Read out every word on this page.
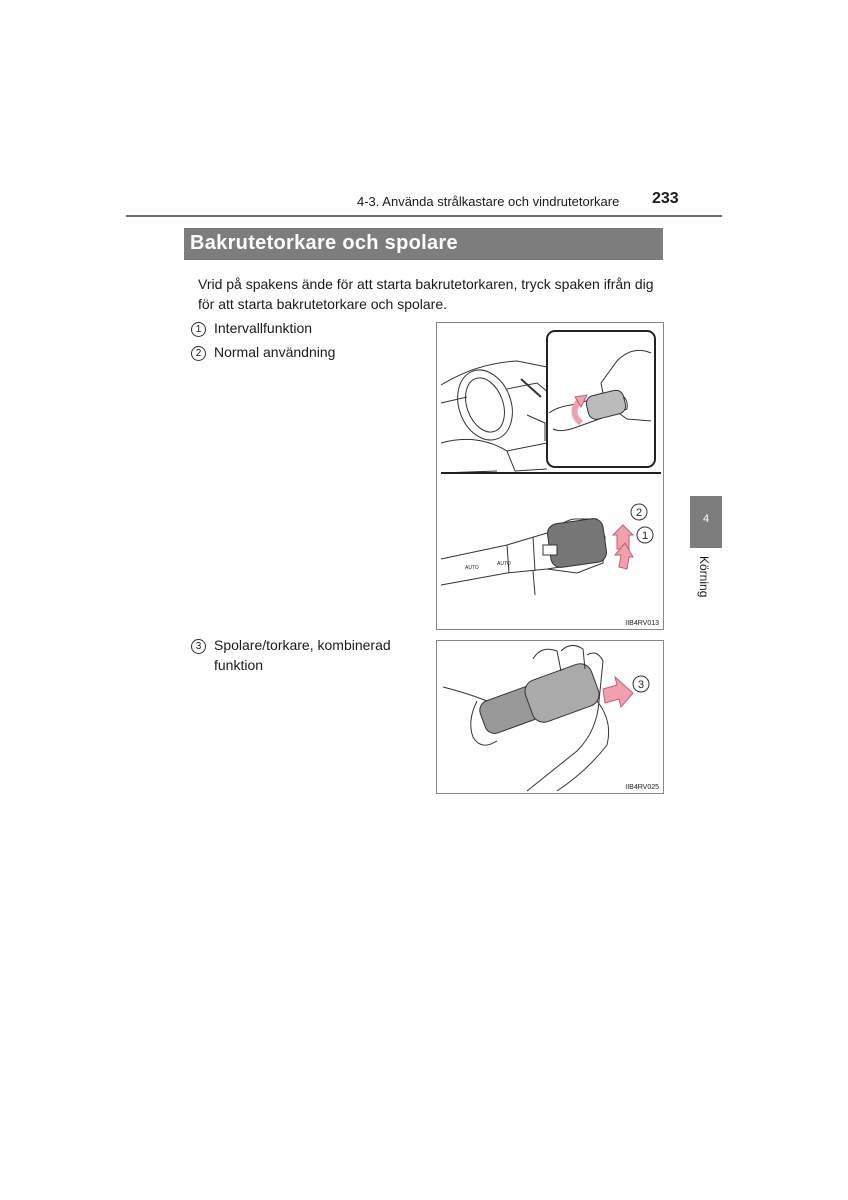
4-3. Använda strålkastare och vindrutetorkare 233
Bakrutetorkare och spolare
Vrid på spakens ände för att starta bakrutetorkaren, tryck spaken ifrån dig för att starta bakrutetorkare och spolare.
1 Intervallfunktion
2 Normal användning
3 Spolare/torkare, kombinerad funktion
AUTO
AUTO
2
1
IIB4RV013
3
IIB4RV025
4
Körning
